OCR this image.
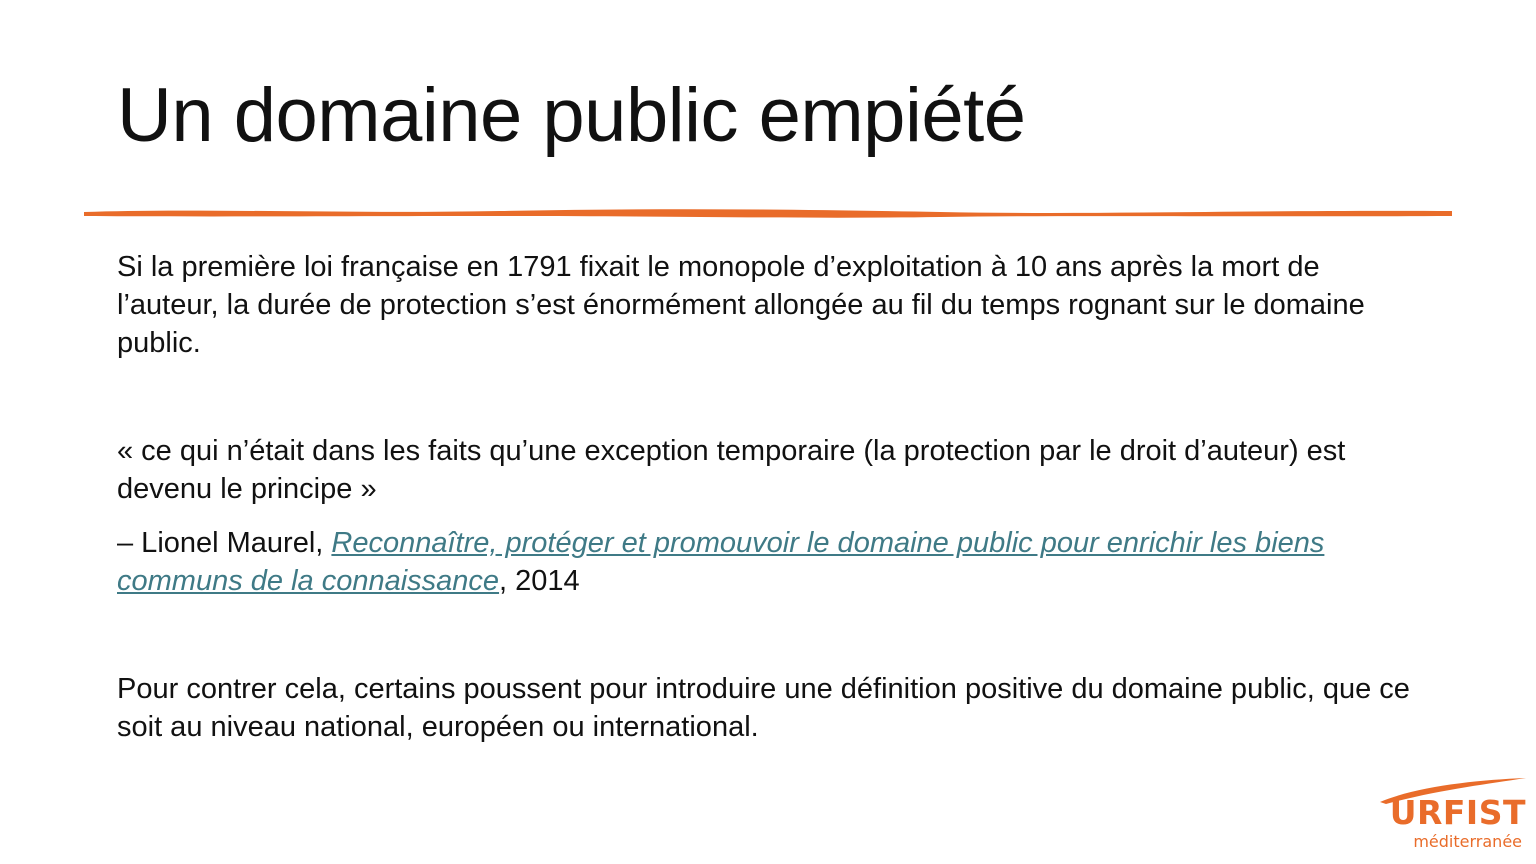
Un domaine public empiété

Si la première loi française en 1791 fixait le monopole d’exploitation à 10 ans après la mort de l’auteur, la durée de protection s’est énormément allongée au fil du temps rognant sur le domaine public.

« ce qui n’était dans les faits qu’une exception temporaire (la protection par le droit d’auteur) est devenu le principe »

– Lionel Maurel, Reconnaître, protéger et promouvoir le domaine public pour enrichir les biens communs de la connaissance, 2014

Pour contrer cela, certains poussent pour introduire une définition positive du domaine public, que ce soit au niveau national, européen ou international.

URFIST
méditerranée
